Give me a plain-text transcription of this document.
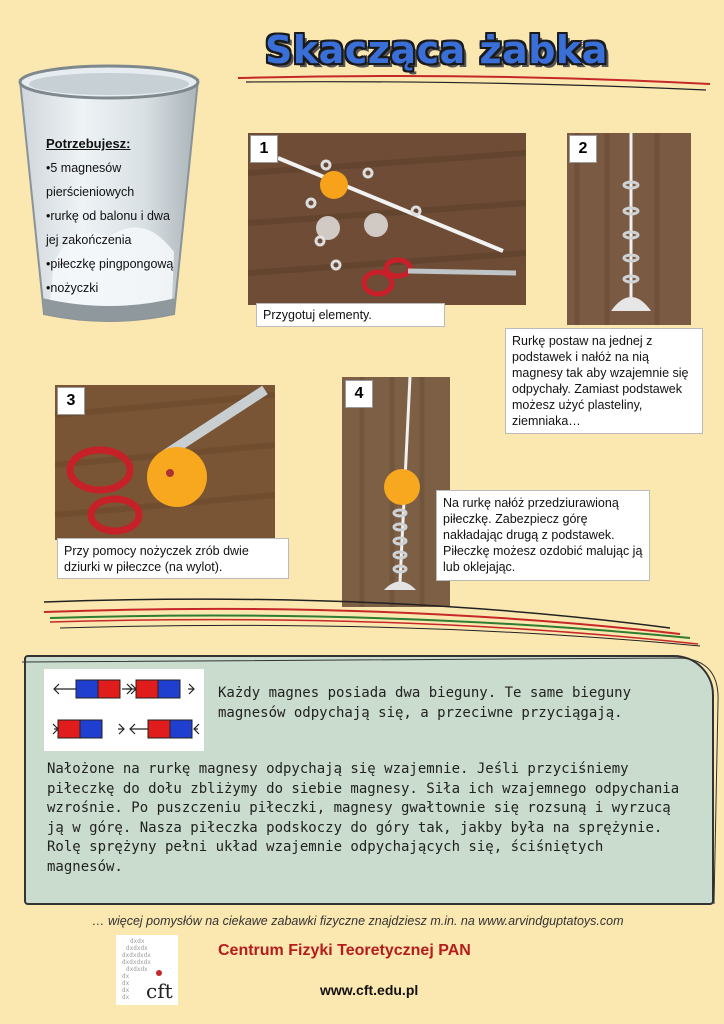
Skacząca żabka
Potrzebujesz:
•5 magnesów
pierścieniowych
•rurkę od balonu i dwa
jej zakończenia
•piłeczkę pingpongową
•nożyczki
1
Przygotuj elementy.
2
Rurkę postaw na jednej z podstawek i nałóż na nią magnesy tak aby wzajemnie się odpychały. Zamiast podstawek możesz użyć plasteliny, ziemniaka…
3
Przy pomocy nożyczek zrób dwie dziurki w piłeczce (na wylot).
4
Na rurkę nałóż przedziurawioną piłeczkę. Zabezpiecz górę nakładając drugą z podstawek. Piłeczkę możesz ozdobić malując ją lub oklejając.
Każdy magnes posiada dwa bieguny. Te same bieguny magnesów odpychają się, a przeciwne przyciągają.
Nałożone na rurkę magnesy odpychają się wzajemnie. Jeśli przyciśniemy piłeczkę do dołu zbliżymy do siebie magnesy. Siła ich wzajemnego odpychania wzrośnie. Po puszczeniu piłeczki, magnesy gwałtownie się rozsuną i wyrzucą ją w górę. Nasza piłeczka podskoczy do góry tak, jakby była na sprężynie. Rolę sprężyny pełni układ wzajemnie odpychających się, ściśniętych magnesów.
… więcej pomysłów na ciekawe zabawki fizyczne znajdziesz m.in. na www.arvindguptatoys.com
dxdx
dxdxdx
dxdxdxdx
dxdxdxdx
dxdxdx
dx
dx
dx
dx cft
Centrum Fizyki Teoretycznej PAN
www.cft.edu.pl
